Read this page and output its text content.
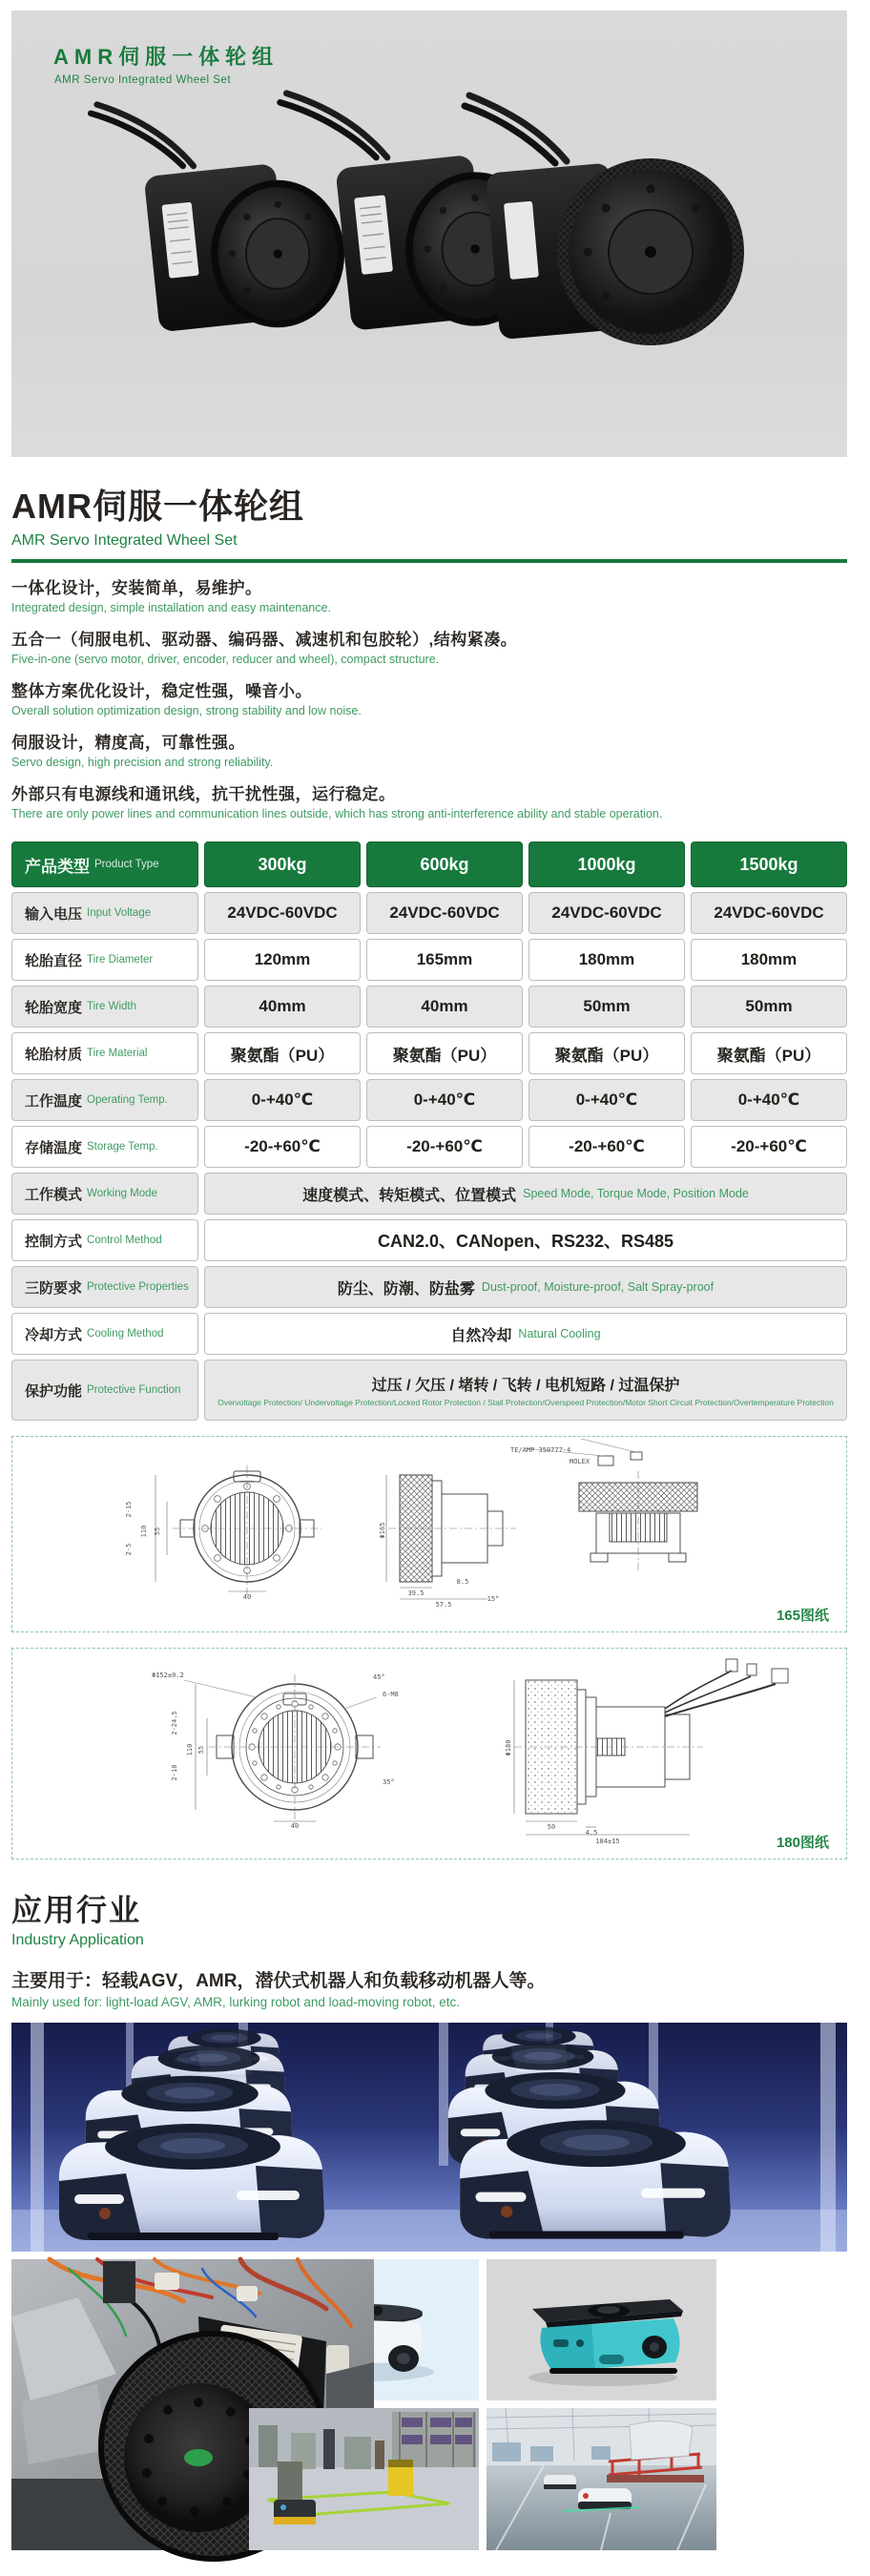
AMR伺服一体轮组
AMR Servo Integrated Wheel Set
AMR伺服一体轮组
AMR Servo Integrated Wheel Set
一体化设计，安装简单，易维护。
Integrated design, simple installation and easy maintenance.
五合一（伺服电机、驱动器、编码器、减速机和包胶轮）,结构紧凑。
Five-in-one (servo motor, driver, encoder, reducer and wheel), compact structure.
整体方案优化设计，稳定性强，噪音小。
Overall solution optimization design, strong stability and low noise.
伺服设计，精度高，可靠性强。
Servo design, high precision and strong reliability.
外部只有电源线和通讯线，抗干扰性强，运行稳定。
There are only power lines and communication lines outside, which has strong anti-interference ability and stable operation.
产品类型 Product Type	300kg	600kg	1000kg	1500kg
输入电压 Input Voltage	24VDC-60VDC	24VDC-60VDC	24VDC-60VDC	24VDC-60VDC
轮胎直径 Tire Diameter	120mm	165mm	180mm	180mm
轮胎宽度 Tire Width	40mm	40mm	50mm	50mm
轮胎材质 Tire Material	聚氨酯（PU）	聚氨酯（PU）	聚氨酯（PU）	聚氨酯（PU）
工作温度 Operating Temp.	0-+40℃	0-+40℃	0-+40℃	0-+40℃
存储温度 Storage Temp.	-20-+60℃	-20-+60℃	-20-+60℃	-20-+60℃
工作模式 Working Mode	速度模式、转矩模式、位置模式 Speed Mode, Torque Mode, Position Mode
控制方式 Control Method	CAN2.0、CANopen、RS232、RS485
三防要求 Protective Properties	防尘、防潮、防盐雾 Dust-proof, Moisture-proof, Salt Spray-proof
冷却方式 Cooling Method	自然冷却 Natural Cooling
保护功能 Protective Function	过压 / 欠压 / 堵转 / 飞转 / 电机短路 / 过温保护
Overvoltage Protection/ Undervoltage Protection/Locked Rotor Protection / Stall Protection/Overspeed Protection/Motor Short Circuit Protection/Overtemperature Protection
TE/AMP 350777-4
MOLEX
110 55
2-15
2-5
40	39.5
57.5
8.5
15°
Φ165
165图纸
Φ152±0.2
110 55
2-24.5
2-10
40
6-M8
35°
45°
Φ180
50
4.5
184±15	180图纸
应用行业
Industry Application
主要用于：轻载AGV，AMR，潜伏式机器人和负载移动机器人等。
Mainly used for: light-load AGV, AMR, lurking robot and load-moving robot, etc.
